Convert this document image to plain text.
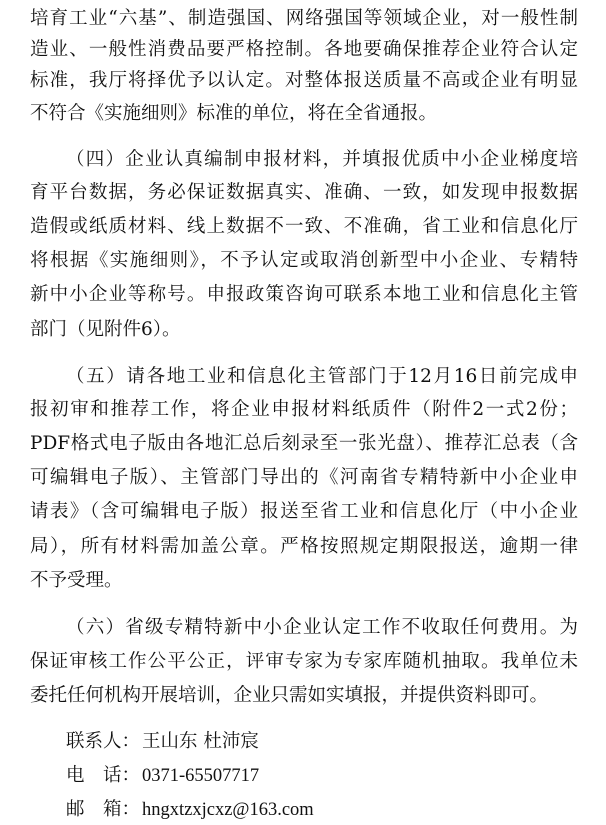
培育工业“六基”、制造强国、网络强国等领域企业，对一般性制
造业、一般性消费品要严格控制。各地要确保推荐企业符合认定
标准，我厅将择优予以认定。对整体报送质量不高或企业有明显
不符合《实施细则》标准的单位，将在全省通报。
（四）企业认真编制申报材料，并填报优质中小企业梯度培
育平台数据，务必保证数据真实、准确、一致，如发现申报数据
造假或纸质材料、线上数据不一致、不准确，省工业和信息化厅
将根据《实施细则》，不予认定或取消创新型中小企业、专精特
新中小企业等称号。申报政策咨询可联系本地工业和信息化主管
部门（见附件6）。
（五）请各地工业和信息化主管部门于12月16日前完成申
报初审和推荐工作，将企业申报材料纸质件（附件2一式2份；
PDF格式电子版由各地汇总后刻录至一张光盘）、推荐汇总表（含
可编辑电子版）、主管部门导出的《河南省专精特新中小企业申
请表》（含可编辑电子版）报送至省工业和信息化厅（中小企业
局），所有材料需加盖公章。严格按照规定期限报送，逾期一律
不予受理。
（六）省级专精特新中小企业认定工作不收取任何费用。为
保证审核工作公平公正，评审专家为专家库随机抽取。我单位未
委托任何机构开展培训，企业只需如实填报，并提供资料即可。
联系人： 王山东 杜沛宸
电　话： 0371-65507717
邮　箱： hngxtzxjcxz@163.com
